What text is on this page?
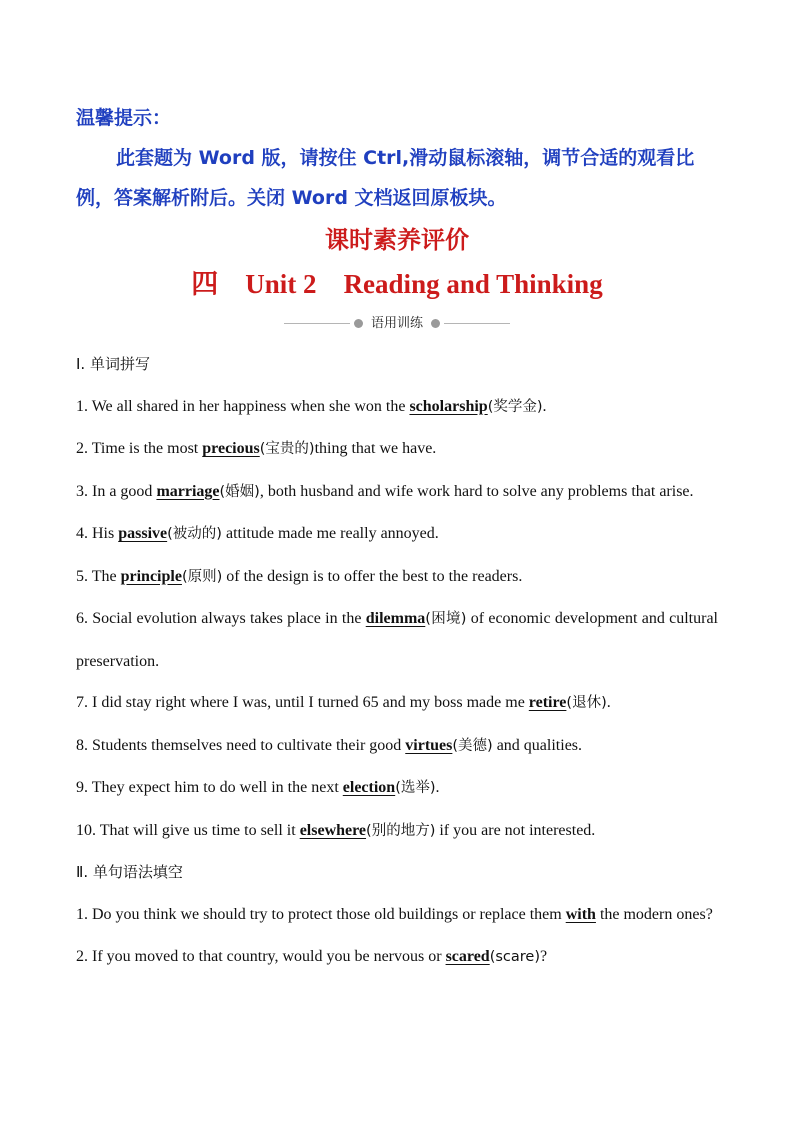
温馨提示：
此套题为 Word 版，请按住 Ctrl,滑动鼠标滚轴，调节合适的观看比例，答案解析附后。关闭 Word 文档返回原板块。
课时素养评价
四 Unit 2 Reading and Thinking
语用训练

Ⅰ. 单词拼写

1. We all shared in her happiness when she won the scholarship(奖学金).

2. Time is the most precious(宝贵的)thing that we have.

3. In a good marriage(婚姻), both husband and wife work hard to solve any problems that arise.

4. His passive(被动的) attitude made me really annoyed.

5. The principle(原则) of the design is to offer the best to the readers.

6. Social evolution always takes place in the dilemma(困境) of economic development and cultural preservation.

7. I did stay right where I was, until I turned 65 and my boss made me retire(退休).

8. Students themselves need to cultivate their good virtues(美德) and qualities.

9. They expect him to do well in the next election(选举).

10. That will give us time to sell it elsewhere(别的地方) if you are not interested.

Ⅱ. 单句语法填空

1. Do you think we should try to protect those old buildings or replace them with the modern ones?

2. If you moved to that country, would you be nervous or scared(scare)?
